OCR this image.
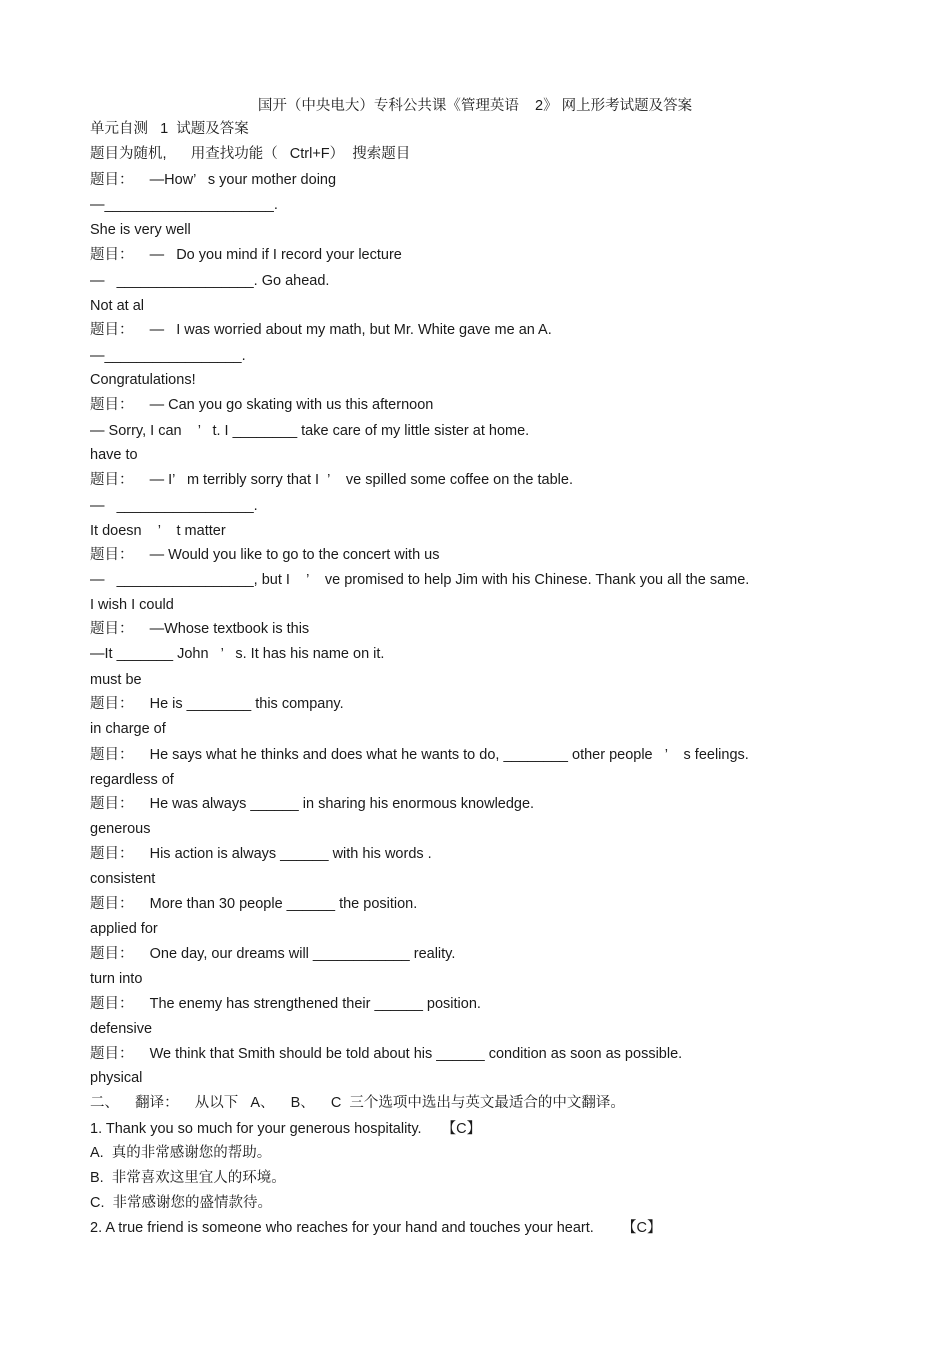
国开（中央电大）专科公共课《管理英语    2》 网上形考试题及答案

单元自测   1  试题及答案

题目为随机,      用查找功能（   Ctrl+F）  搜索题目

题目：    —How’   s your mother doing

—_____________________.

She is very well

题目：    —   Do you mind if I record your lecture

—   _________________. Go ahead.

Not at al

题目：    —   I was worried about my math, but Mr. White gave me an A.

—_________________.

Congratulations!

题目：    — Can you go skating with us this afternoon

— Sorry, I can    ’   t. I ________ take care of my little sister at home.

have to

题目：    — I’   m terribly sorry that I  ’    ve spilled some coffee on the table.

—   _________________.

It doesn    ’    t matter

题目：    — Would you like to go to the concert with us

—   _________________, but I    ’    ve promised to help Jim with his Chinese. Thank you all the same.

I wish I could

题目：    —Whose textbook is this

—It _______ John   ’   s. It has his name on it.

must be

题目：    He is ________ this company.

in charge of

题目：    He says what he thinks and does what he wants to do, ________ other people   ’    s feelings.

regardless of

题目：    He was always ______ in sharing his enormous knowledge.

generous

题目：    His action is always ______ with his words .

consistent

题目：    More than 30 people ______ the position.

applied for

题目：    One day, our dreams will ____________ reality.

turn into

题目：    The enemy has strengthened their ______ position.

defensive

题目：    We think that Smith should be told about his ______ condition as soon as possible.

physical

二、    翻译：    从以下   A、    B、    C  三个选项中选出与英文最适合的中文翻译。

1. Thank you so much for your generous hospitality.     【C】

A.  真的非常感谢您的帮助。

B.  非常喜欢这里宜人的环境。

C.  非常感谢您的盛情款待。

2. A true friend is someone who reaches for your hand and touches your heart.       【C】
